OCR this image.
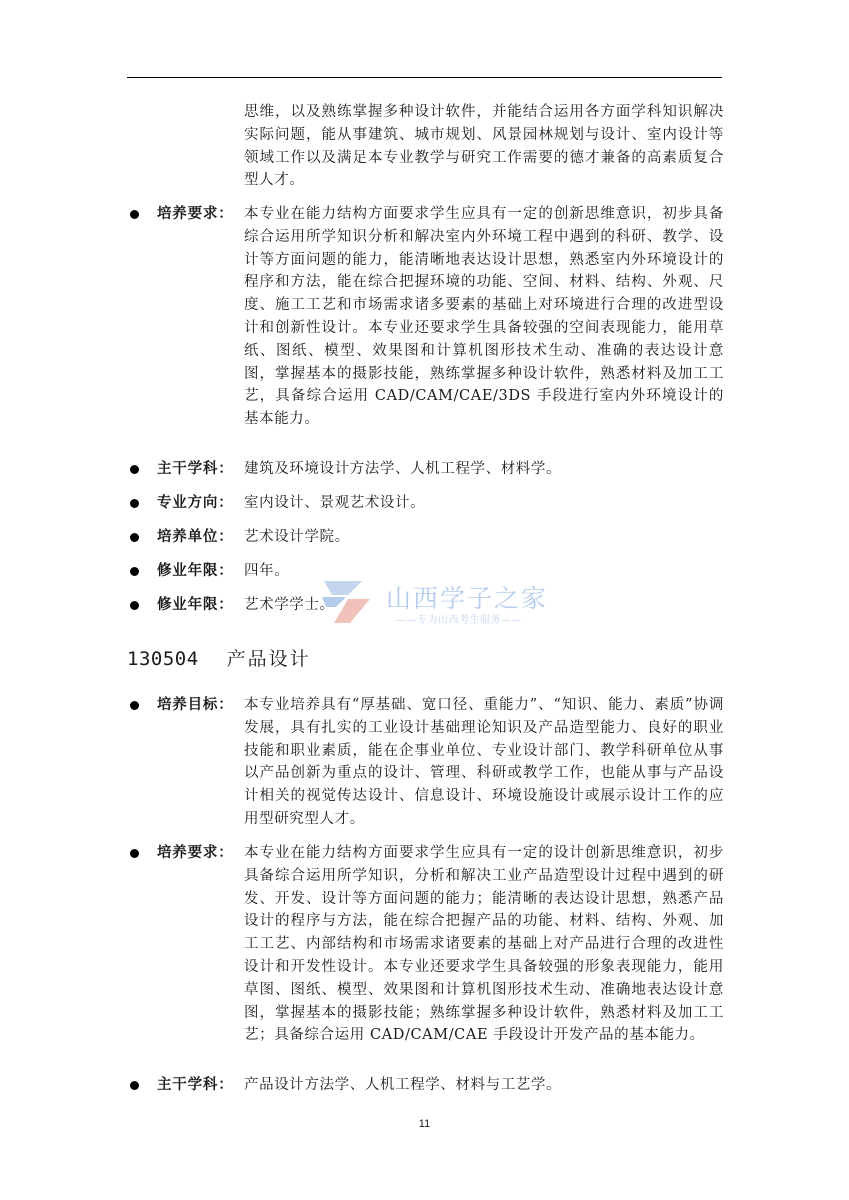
思维，以及熟练掌握多种设计软件，并能结合运用各方面学科知识解决实际问题，能从事建筑、城市规划、风景园林规划与设计、室内设计等领域工作以及满足本专业教学与研究工作需要的德才兼备的高素质复合型人才。
培养要求： 本专业在能力结构方面要求学生应具有一定的创新思维意识，初步具备综合运用所学知识分析和解决室内外环境工程中遇到的科研、教学、设计等方面问题的能力，能清晰地表达设计思想，熟悉室内外环境设计的程序和方法，能在综合把握环境的功能、空间、材料、结构、外观、尺度、施工工艺和市场需求诸多要素的基础上对环境进行合理的改进型设计和创新性设计。本专业还要求学生具备较强的空间表现能力，能用草纸、图纸、模型、效果图和计算机图形技术生动、准确的表达设计意图，掌握基本的摄影技能，熟练掌握多种设计软件，熟悉材料及加工工艺，具备综合运用 CAD/CAM/CAE/3DS 手段进行室内外环境设计的基本能力。
主干学科： 建筑及环境设计方法学、人机工程学、材料学。
专业方向： 室内设计、景观艺术设计。
培养单位： 艺术设计学院。
修业年限： 四年。
修业年限： 艺术学学士。	山西学子之家
——专为山西考生服务——
130504 产品设计
培养目标： 本专业培养具有“厚基础、宽口径、重能力”、“知识、能力、素质”协调发展，具有扎实的工业设计基础理论知识及产品造型能力、良好的职业技能和职业素质，能在企事业单位、专业设计部门、教学科研单位从事以产品创新为重点的设计、管理、科研或教学工作，也能从事与产品设计相关的视觉传达设计、信息设计、环境设施设计或展示设计工作的应用型研究型人才。
培养要求： 本专业在能力结构方面要求学生应具有一定的设计创新思维意识，初步具备综合运用所学知识，分析和解决工业产品造型设计过程中遇到的研发、开发、设计等方面问题的能力；能清晰的表达设计思想，熟悉产品设计的程序与方法，能在综合把握产品的功能、材料、结构、外观、加工工艺、内部结构和市场需求诸要素的基础上对产品进行合理的改进性设计和开发性设计。本专业还要求学生具备较强的形象表现能力，能用草图、图纸、模型、效果图和计算机图形技术生动、准确地表达设计意图，掌握基本的摄影技能；熟练掌握多种设计软件，熟悉材料及加工工艺；具备综合运用 CAD/CAM/CAE 手段设计开发产品的基本能力。
主干学科： 产品设计方法学、人机工程学、材料与工艺学。
11
